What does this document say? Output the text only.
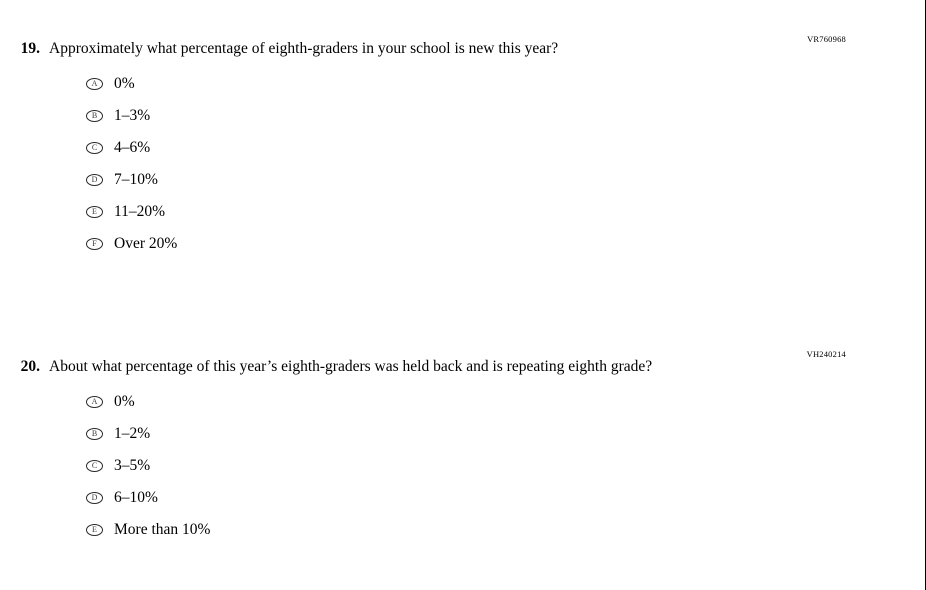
VR760968
19. Approximately what percentage of eighth-graders in your school is new this year?
A 0%
B	1–3%
C	4–6%
D 7–10%
E	11–20%
F	Over 20%
VH240214
20. About what percentage of this year’s eighth-graders was held back and is repeating eighth grade?
A 0%
B	1–2%
C	3–5%
D 6–10%
E	More than 10%
